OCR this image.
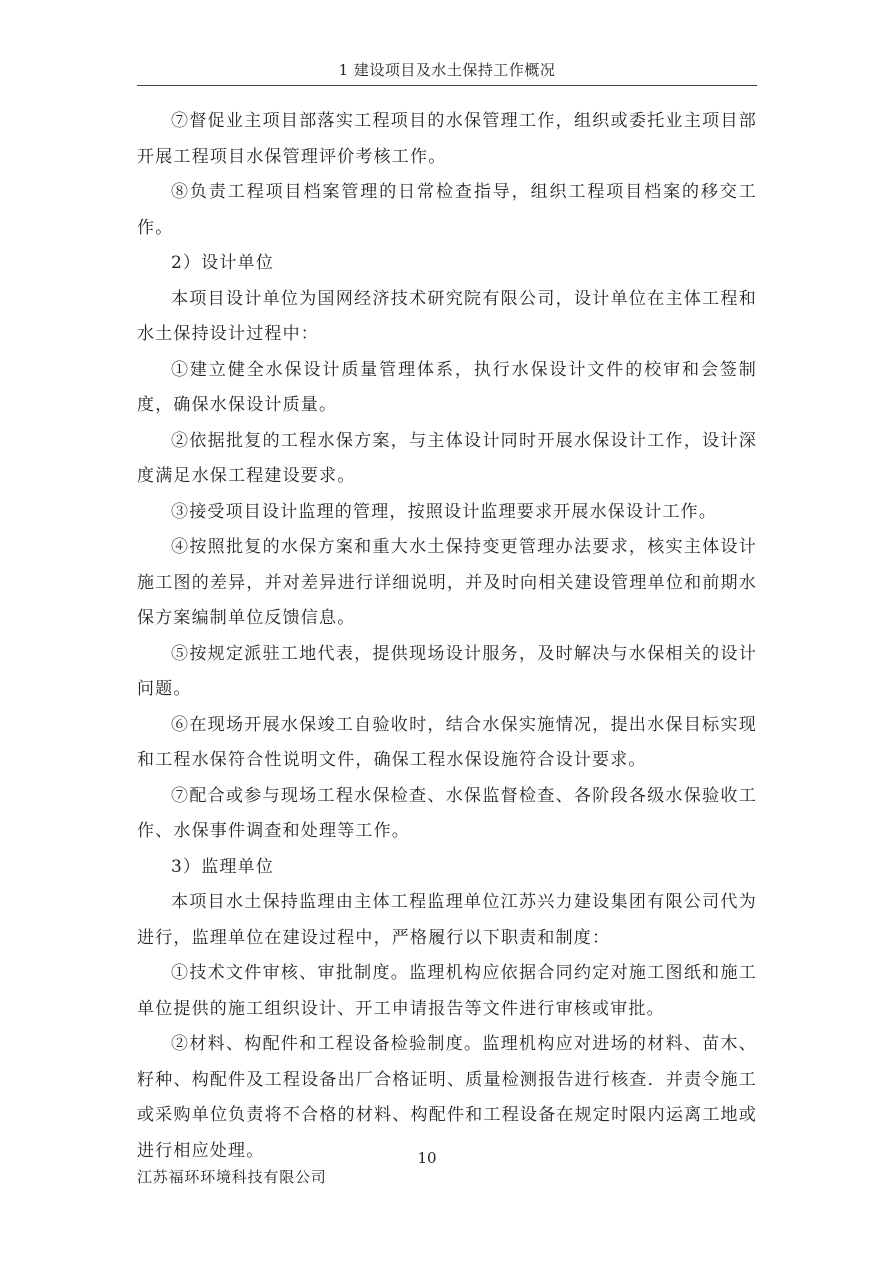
1 建设项目及水土保持工作概况

⑦督促业主项目部落实工程项目的水保管理工作，组织或委托业主项目部开展工程项目水保管理评价考核工作。

⑧负责工程项目档案管理的日常检查指导，组织工程项目档案的移交工作。

2）设计单位

本项目设计单位为国网经济技术研究院有限公司，设计单位在主体工程和水土保持设计过程中：

①建立健全水保设计质量管理体系，执行水保设计文件的校审和会签制度，确保水保设计质量。

②依据批复的工程水保方案，与主体设计同时开展水保设计工作，设计深度满足水保工程建设要求。

③接受项目设计监理的管理，按照设计监理要求开展水保设计工作。

④按照批复的水保方案和重大水土保持变更管理办法要求，核实主体设计施工图的差异，并对差异进行详细说明，并及时向相关建设管理单位和前期水保方案编制单位反馈信息。

⑤按规定派驻工地代表，提供现场设计服务，及时解决与水保相关的设计问题。

⑥在现场开展水保竣工自验收时，结合水保实施情况，提出水保目标实现和工程水保符合性说明文件，确保工程水保设施符合设计要求。

⑦配合或参与现场工程水保检查、水保监督检查、各阶段各级水保验收工作、水保事件调查和处理等工作。

3）监理单位

本项目水土保持监理由主体工程监理单位江苏兴力建设集团有限公司代为进行，监理单位在建设过程中，严格履行以下职责和制度：

①技术文件审核、审批制度。监理机构应依据合同约定对施工图纸和施工单位提供的施工组织设计、开工申请报告等文件进行审核或审批。

②材料、构配件和工程设备检验制度。监理机构应对进场的材料、苗木、籽种、构配件及工程设备出厂合格证明、质量检测报告进行核查．并责令施工或采购单位负责将不合格的材料、构配件和工程设备在规定时限内运离工地或进行相应处理。	10
江苏福环环境科技有限公司
